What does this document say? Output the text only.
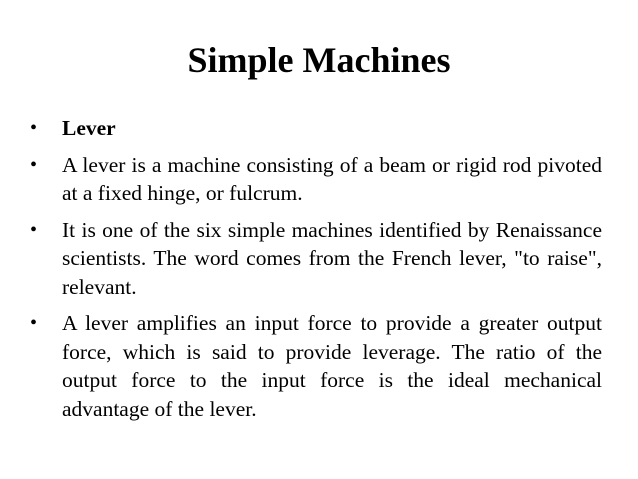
Simple Machines
•	Lever
•	A lever is a machine consisting of a beam or rigid rod pivoted at a fixed hinge, or fulcrum.
•	It is one of the six simple machines identified by Renaissance scientists. The word comes from the French lever, "to raise", relevant.
•	A lever amplifies an input force to provide a greater output force, which is said to provide leverage. The ratio of the output force to the input force is the ideal mechanical advantage of the lever.
